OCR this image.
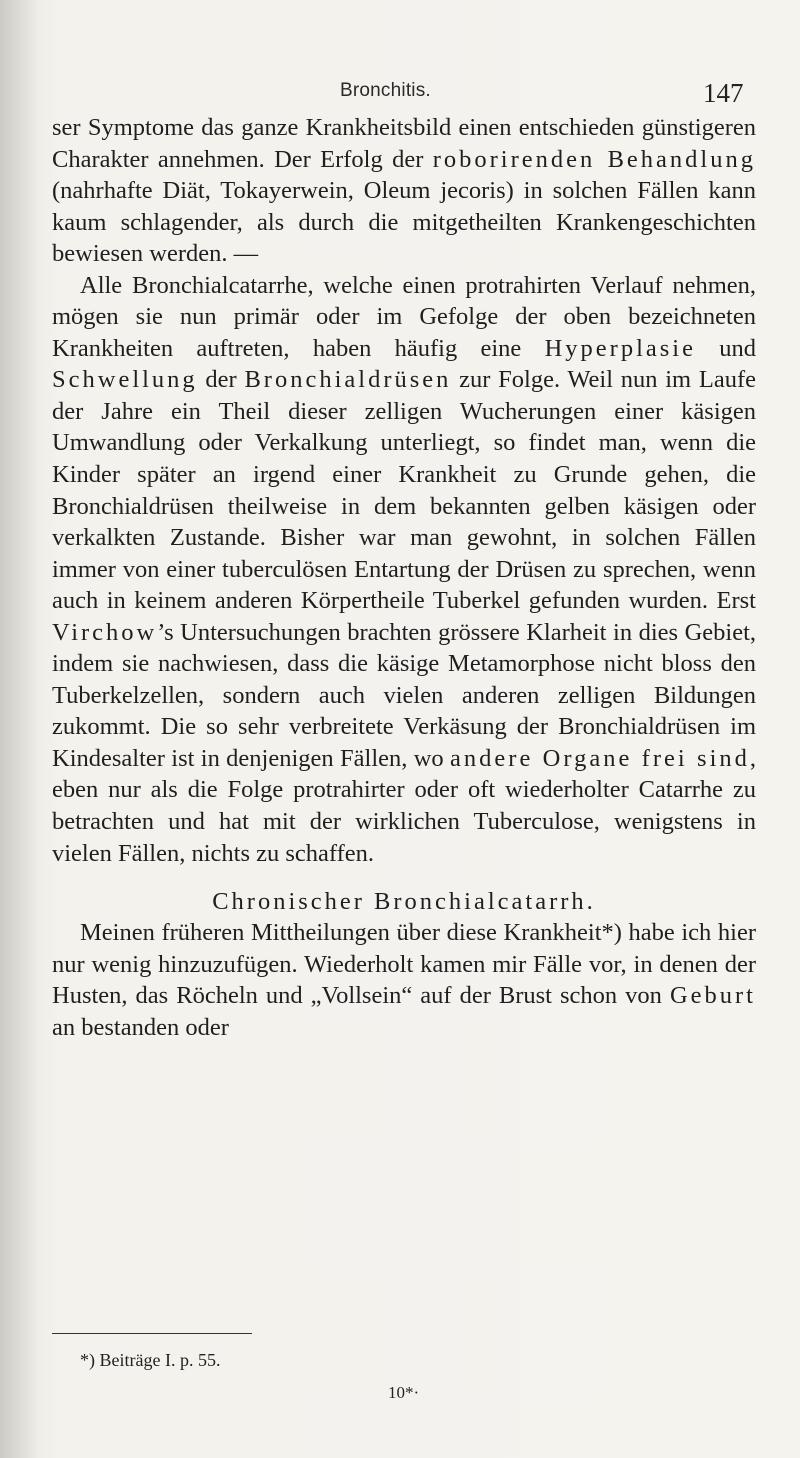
Bronchitis.	147

ser Symptome das ganze Krankheitsbild einen entschieden günstigeren Charakter annehmen. Der Erfolg der roborirenden Behandlung (nahrhafte Diät, Tokayerwein, Oleum jecoris) in solchen Fällen kann kaum schlagender, als durch die mitgetheilten Krankengeschichten bewiesen werden. —

Alle Bronchialcatarrhe, welche einen protrahirten Verlauf nehmen, mögen sie nun primär oder im Gefolge der oben bezeichneten Krankheiten auftreten, haben häufig eine Hyperplasie und Schwellung der Bronchialdrüsen zur Folge. Weil nun im Laufe der Jahre ein Theil dieser zelligen Wucherungen einer käsigen Umwandlung oder Verkalkung unterliegt, so findet man, wenn die Kinder später an irgend einer Krankheit zu Grunde gehen, die Bronchialdrüsen theilweise in dem bekannten gelben käsigen oder verkalkten Zustande. Bisher war man gewohnt, in solchen Fällen immer von einer tuberculösen Entartung der Drüsen zu sprechen, wenn auch in keinem anderen Körpertheile Tuberkel gefunden wurden. Erst Virchow’s Untersuchungen brachten grössere Klarheit in dies Gebiet, indem sie nachwiesen, dass die käsige Metamorphose nicht bloss den Tuberkelzellen, sondern auch vielen anderen zelligen Bildungen zukommt. Die so sehr verbreitete Verkäsung der Bronchialdrüsen im Kindesalter ist in denjenigen Fällen, wo andere Organe frei sind, eben nur als die Folge protrahirter oder oft wiederholter Catarrhe zu betrachten und hat mit der wirklichen Tuberculose, wenigstens in vielen Fällen, nichts zu schaffen.

Chronischer Bronchialcatarrh.

Meinen früheren Mittheilungen über diese Krankheit*) habe ich hier nur wenig hinzuzufügen. Wiederholt kamen mir Fälle vor, in denen der Husten, das Röcheln und „Vollsein“ auf der Brust schon von Geburt an bestanden oder

*) Beiträge I. p. 55.
10*·
